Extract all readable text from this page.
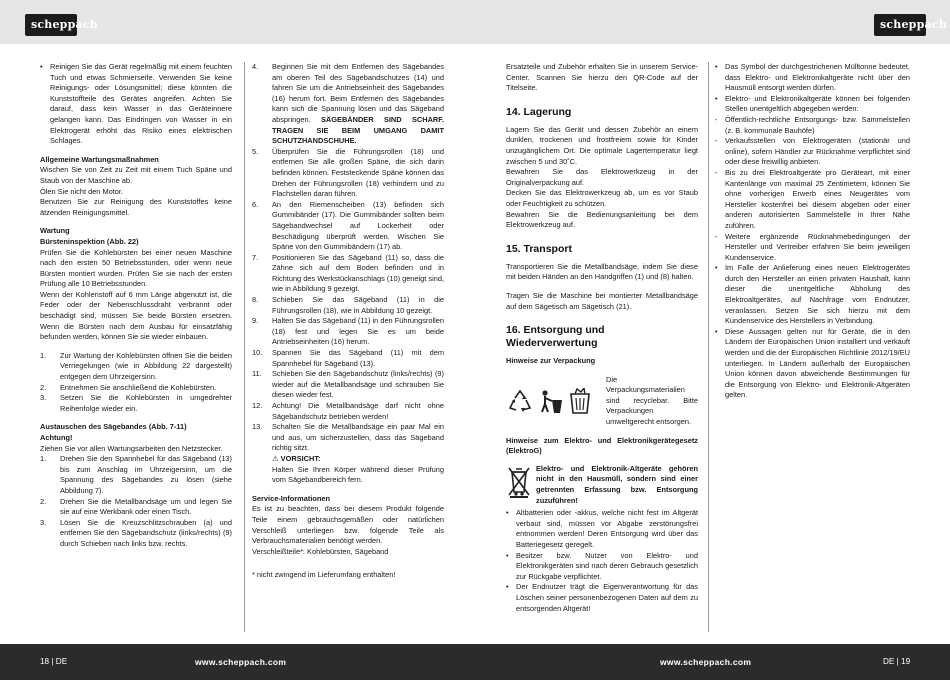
scheppach	scheppach
•	Reinigen Sie das Gerät regelmäßig mit einem feuchten Tuch und etwas Schmierseife. Verwenden Sie keine Reinigungs- oder Lösungsmittel; diese könnten die Kunststoffteile des Gerätes angreifen. Achten Sie darauf, dass kein Wasser in das Geräteinnere gelangen kann. Das Eindringen von Wasser in ein Elektrogerät erhöht das Risiko eines elektrischen Schlages.

Allgemeine Wartungsmaßnahmen

Wischen Sie von Zeit zu Zeit mit einem Tuch Späne und Staub von der Maschine ab.

Ölen Sie nicht den Motor.

Benutzen Sie zur Reinigung des Kunststoffes keine ätzenden Reinigungsmittel.

Wartung

Bürsteninspektion (Abb. 22)

Prüfen Sie die Kohlebürsten bei einer neuen Maschine nach den ersten 50 Betriebsstunden, oder wenn neue Bürsten montiert wurden. Prüfen Sie sie nach der ersten Prüfung alle 10 Betriebsstunden.

Wenn der Kohlenstoff auf 6 mm Länge abgenutzt ist, die Feder oder der Nebenschlussdraht verbrannt oder beschädigt sind, müssen Sie beide Bürsten ersetzen. Wenn die Bürsten nach dem Ausbau für einsatzfähig befunden werden, können Sie sie wieder einbauen.

1.	Zur Wartung der Kohlebürsten öffnen Sie die beiden Verriegelungen (wie in Abbildung 22 dargestellt) entgegen dem Uhrzeigersinn.
2.	Entnehmen Sie anschließend die Kohlebürsten.
3.	Setzen Sie die Kohlebürsten in umgedrehter Reihenfolge wieder ein.

Austauschen des Sägebandes (Abb. 7-11)

Achtung!

Ziehen Sie vor allen Wartungsarbeiten den Netzstecker.

1.	Drehen Sie den Spannhebel für das Sägeband (13) bis zum Anschlag im Uhrzeigersinn, um die Spannung des Sägebandes zu lösen (siehe Abbildung 7).
2.	Drehen Sie die Metallbandsäge um und legen Sie sie auf eine Werkbank oder einen Tisch.
3.	Lösen Sie die Kreuzschlitzschrauben (a) und entfernen Sie den Sägebandschutz (links/rechts) (9) durch Schieben nach links bzw. rechts.
4.	Beginnen Sie mit dem Entfernen des Sägebandes am oberen Teil des Sägebandschutzes (14) und fahren Sie um die Antriebseinheit des Sägebandes (16) herum fort. Beim Entfernen des Sägebandes kann sich die Spannung lösen und das Sägeband abspringen. SÄGEBÄNDER SIND SCHARF. TRAGEN SIE BEIM UMGANG DAMIT SCHUTZHANDSCHUHE.
5.	Überprüfen Sie die Führungsrollen (18) und entfernen Sie alle großen Späne, die sich darin befinden können. Feststeckende Späne können das Drehen der Führungsrollen (18) verhindern und zu Flachstellen daran führen.
6.	An den Riemenscheiben (13) befinden sich Gummibänder (17). Die Gummibänder sollten beim Sägebandwechsel auf Lockerheit oder Beschädigung überprüft werden. Wischen Sie Späne von den Gummibändern (17) ab.
7.	Positionieren Sie das Sägeband (11) so, dass die Zähne sich auf dem Boden befinden und in Richtung des Werkstückanschlags (10) geneigt sind, wie in Abbildung 9 gezeigt.
8.	Schieben Sie das Sägeband (11) in die Führungsrollen (18), wie in Abbildung 10 gezeigt.
9.	Halten Sie das Sägeband (11) in den Führungsrollen (18) fest und legen Sie es um beide Antriebseinheiten (16) herum.
10.	Spannen Sie das Sägeband (11) mit dem Spannhebel für Sägeband (13).
11.	Schieben Sie den Sägebandschutz (links/rechts) (9) wieder auf die Metallbandsäge und schrauben Sie diesen wieder fest.
12.	Achtung! Die Metallbandsäge darf nicht ohne Sägebandschutz betrieben werden!
13.	Schalten Sie die Metallbandsäge ein paar Mal ein und aus, um sicherzustellen, dass das Sägeband richtig sitzt.
⚠ VORSICHT:
Halten Sie Ihren Körper während dieser Prüfung vom Sägebandbereich fern.

Service-Informationen

Es ist zu beachten, dass bei diesem Produkt folgende Teile einem gebrauchsgemäßen oder natürlichen Verschleiß unterliegen bzw. folgende Teile als Verbrauchsmaterialien benötigt werden.

Verschleißteile*: Kohlebürsten, Sägeband

* nicht zwingend im Lieferumfang enthalten!

Ersatzteile und Zubehör erhalten Sie in unserem Service-Center. Scannen Sie hierzu den QR-Code auf der Titelseite.

14. Lagerung

Lagern Sie das Gerät und dessen Zubehör an einem dunklen, trockenen und frostfreiem sowie für Kinder unzugänglichem Ort. Die optimale Lagertemperatur liegt zwischen 5 und 30˚C.

Bewahren Sie das Elektrowerkzeug in der Originalverpackung auf.

Decken Sie das Elektrowerkzeug ab, um es vor Staub oder Feuchtigkeit zu schützen.

Bewahren Sie die Bedienungsanleitung bei dem Elektrowerkzeug auf.

15. Transport

Transportieren Sie die Metallbandsäge, indem Sie diese mit beiden Händen an den Handgriffen (1) und (8) halten.

Tragen Sie die Maschine bei montierter Metallbandsäge auf dem Sägetisch am Sägetisch (21).

16. Entsorgung und Wiederverwertung

Hinweise zur Verpackung

Die Verpackungsmaterialien sind recyclebar. Bitte Verpackungen umweltgerecht entsorgen.

Hinweise zum Elektro- und Elektronikgerätegesetz (ElektroG)

Elektro- und Elektronik-Altgeräte gehören nicht in den Hausmüll, sondern sind einer getrennten Erfassung bzw. Entsorgung zuzuführen!

•	Altbatterien oder -akkus, welche nicht fest im Altgerät verbaut sind, müssen vor Abgabe zerstörungsfrei entnommen werden! Deren Entsorgung wird über das Batteriegesetz geregelt.
•	Besitzer bzw. Nutzer von Elektro- und Elektronikgeräten sind nach deren Gebrauch gesetzlich zur Rückgabe verpflichtet.
•	Der Endnutzer trägt die Eigenverantwortung für das Löschen seiner personenbezogenen Daten auf dem zu entsorgenden Altgerät!
•	Das Symbol der durchgestrichenen Mülltonne bedeutet, dass Elektro- und Elektronikaltgeräte nicht über den Hausmüll entsorgt werden dürfen.
•	Elektro- und Elektronikaltgeräte können bei folgenden Stellen unentgeltlich abgegeben werden:
-	Öffentlich-rechtliche Entsorgungs- bzw. Sammelstellen (z. B. kommunale Bauhöfe)
-	Verkaufsstellen von Elektrogeräten (stationär und online), sofern Händler zur Rücknahme verpflichtet sind oder diese freiwillig anbieten.
-	Bis zu drei Elektroaltgeräte pro Geräteart, mit einer Kantenlänge von maximal 25 Zentimetern, können Sie ohne vorherigen Erwerb eines Neugerätes vom Hersteller kostenfrei bei diesem abgeben oder einer anderen autorisierten Sammelstelle in Ihrer Nähe zuführen.
-	Weitere ergänzende Rücknahmebedingungen der Hersteller und Vertreiber erfahren Sie beim jeweiligen Kundenservice.
•	Im Falle der Anlieferung eines neuen Elektrogerätes durch den Hersteller an einen privaten Haushalt, kann dieser die unentgeltliche Abholung des Elektroaltgerätes, auf Nachfrage vom Endnutzer, veranlassen. Setzen Sie sich hierzu mit dem Kundenservice des Herstellers in Verbindung.
•	Diese Aussagen gelten nur für Geräte, die in den Ländern der Europäischen Union installiert und verkauft werden und die der Europäischen Richtlinie 2012/19/EU unterliegen. In Ländern außerhalb der Europäischen Union können davon abweichende Bestimmungen für die Entsorgung von Elektro- und Elektronik-Altgeräten gelten.
18 | DE	www.scheppach.com	www.scheppach.com	DE | 19
